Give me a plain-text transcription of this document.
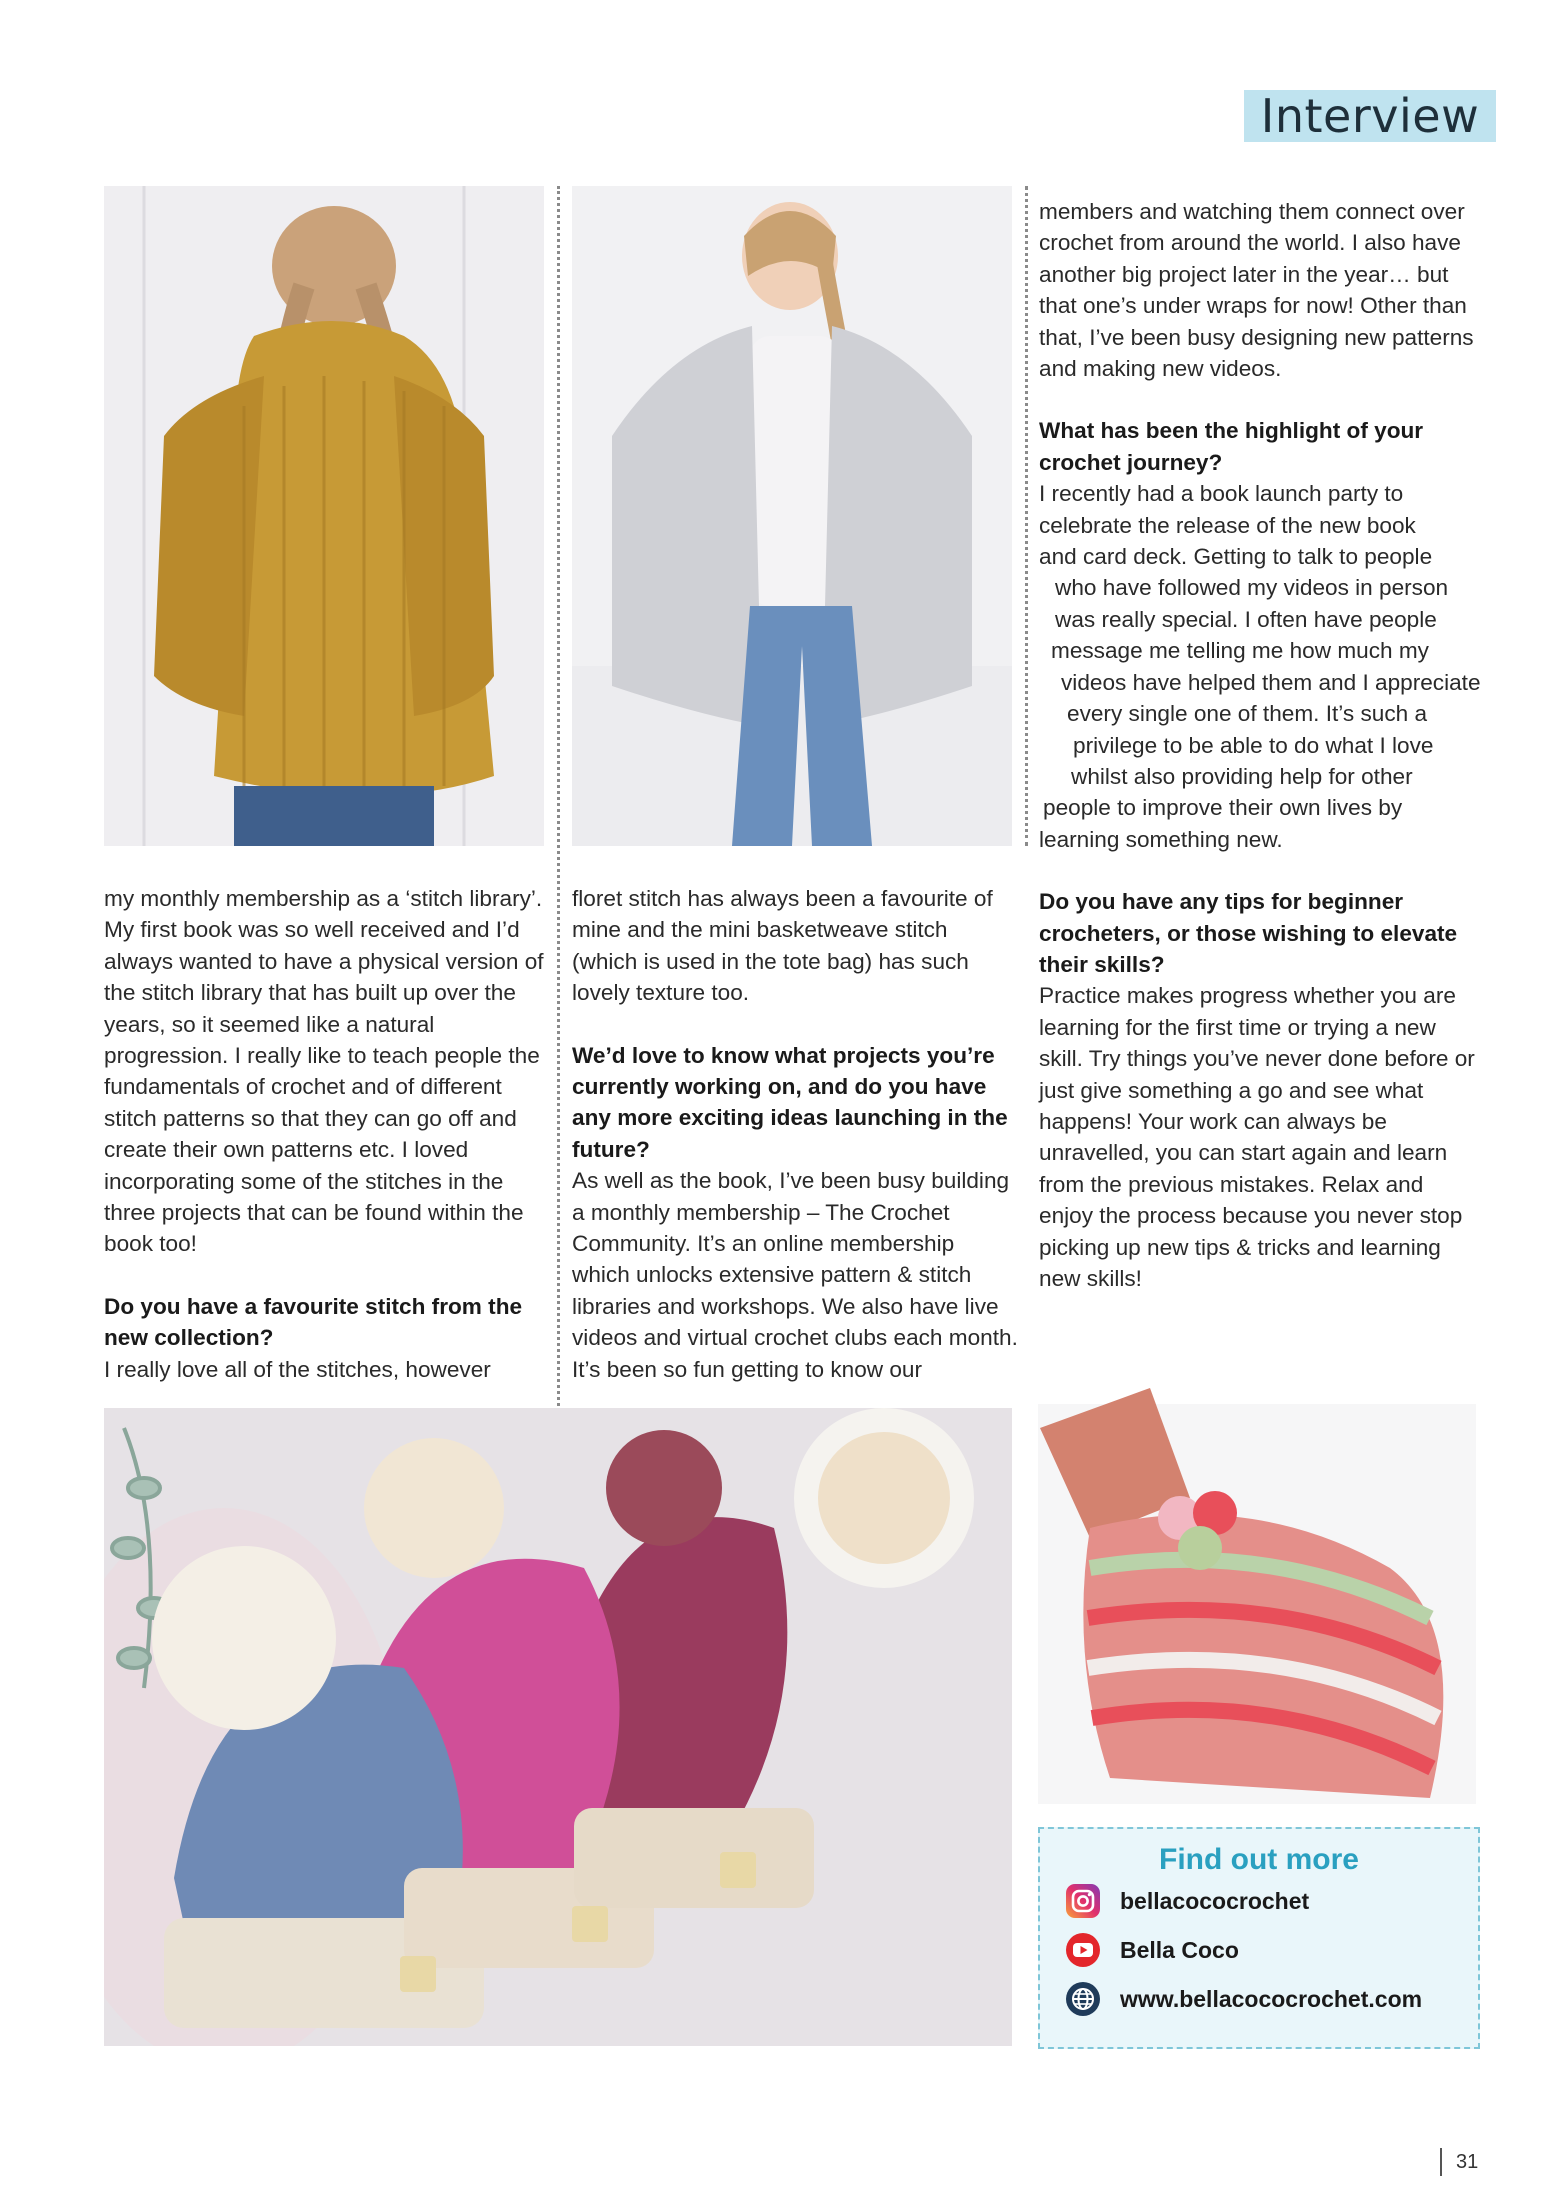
Interview

my monthly membership as a ‘stitch library’. My first book was so well received and I’d always wanted to have a physical version of the stitch library that has built up over the years, so it seemed like a natural progression. I really like to teach people the fundamentals of crochet and of different stitch patterns so that they can go off and create their own patterns etc. I loved incorporating some of the stitches in the three projects that can be found within the book too!

Do you have a favourite stitch from the new collection?

I really love all of the stitches, however

floret stitch has always been a favourite of mine and the mini basketweave stitch (which is used in the tote bag) has such lovely texture too.

We’d love to know what projects you’re currently working on, and do you have any more exciting ideas launching in the future?

As well as the book, I’ve been busy building a monthly membership – The Crochet Community. It’s an online membership which unlocks extensive pattern & stitch libraries and workshops. We also have live videos and virtual crochet clubs each month. It’s been so fun getting to know our

members and watching them connect over crochet from around the world. I also have another big project later in the year… but that one’s under wraps for now! Other than that, I’ve been busy designing new patterns and making new videos.

What has been the highlight of your crochet journey?

I recently had a book launch party to
celebrate the release of the new book
and card deck. Getting to talk to people
who have followed my videos in person
was really special. I often have people
message me telling me how much my
videos have helped them and I appreciate
every single one of them. It’s such a
privilege to be able to do what I love
whilst also providing help for other
people to improve their own lives by
learning something new.

Do you have any tips for beginner crocheters, or those wishing to elevate their skills?

Practice makes progress whether you are learning for the first time or trying a new skill. Try things you’ve never done before or just give something a go and see what happens! Your work can always be unravelled, you can start again and learn from the previous mistakes. Relax and enjoy the process because you never stop picking up new tips & tricks and learning new skills!

Find out more
bellacococrochet
Bella Coco
www.bellacococrochet.com
31
